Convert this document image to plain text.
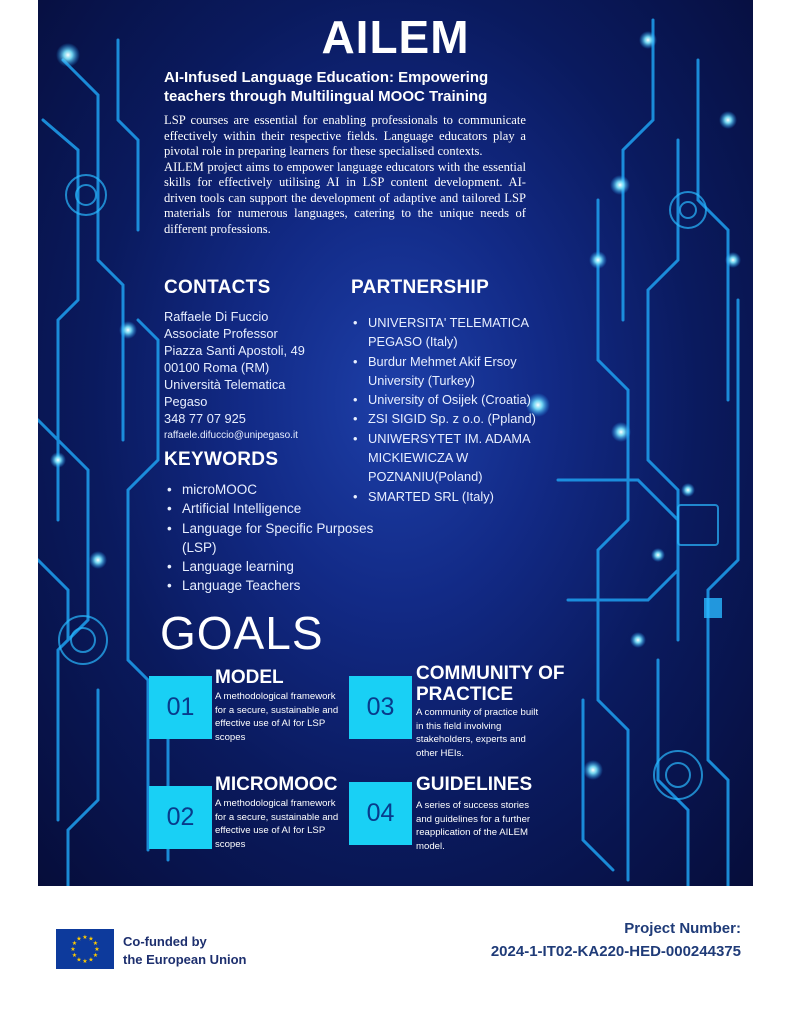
AILEM
AI-Infused Language Education: Empowering teachers through Multilingual MOOC Training

LSP courses are essential for enabling professionals to communicate effectively within their respective fields. Language educators play a pivotal role in preparing learners for these specialised contexts.

AILEM project aims to empower language educators with the essential skills for effectively utilising AI in LSP content development. AI-driven tools can support the development of adaptive and tailored LSP materials for numerous languages, catering to the unique needs of different professions.

CONTACTS
Raffaele Di Fuccio
Associate Professor
Piazza Santi Apostoli, 49
00100 Roma (RM)
Università Telematica
Pegaso
348 77 07 925
raffaele.difuccio@unipegaso.it
KEYWORDS
• microMOOC
• Artificial Intelligence
• Language for Specific Purposes (LSP)
• Language learning
• Language Teachers
PARTNERSHIP
• UNIVERSITA' TELEMATICA PEGASO (Italy)
• Burdur Mehmet Akif Ersoy University (Turkey)
• University of Osijek (Croatia)
• ZSI SIGID Sp. z o.o. (Ppland)
• UNIWERSYTET IM. ADAMA MICKIEWICZA W POZNANIU(Poland)
• SMARTED SRL (Italy)
GOALS
01
MODEL
A methodological framework for a secure, sustainable and effective use of AI for LSP scopes
03
COMMUNITY OF PRACTICE
A community of practice built in this field involving stakeholders, experts and other HEIs.
02
MICROMOOC
A methodological framework for a secure, sustainable and effective use of AI for LSP scopes
04
GUIDELINES
A series of success stories and guidelines for a further reapplication of the AILEM model.
★ ★
★
★
★
★
★
★
★
★
★
★	Co-funded by
the European Union
Project Number:
2024-1-IT02-KA220-HED-000244375
